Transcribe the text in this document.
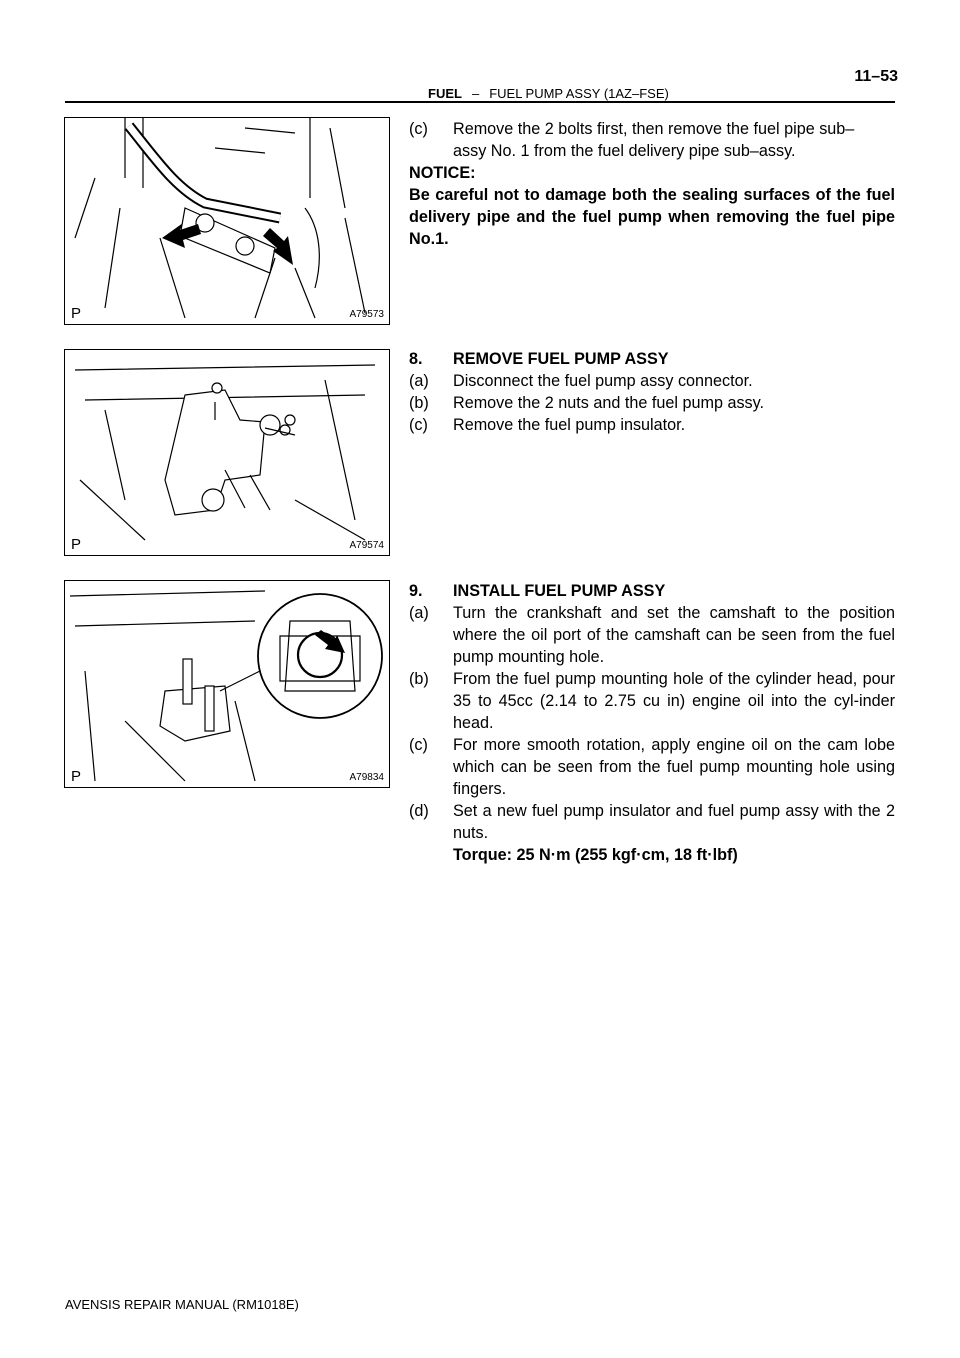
11–53
FUEL – FUEL PUMP ASSY (1AZ–FSE)
P	A79573
P	A79574
P	A79834
(c) Remove the 2 bolts first, then remove the fuel pipe sub–
assy No. 1 from the fuel delivery pipe sub–assy.
NOTICE:
Be careful not to damage both the sealing surfaces of the fuel delivery pipe and the fuel pump when removing the fuel pipe No.1.
8. REMOVE FUEL PUMP ASSY
(a) Disconnect the fuel pump assy connector.
(b) Remove the 2 nuts and the fuel pump assy.
(c) Remove the fuel pump insulator.
9. INSTALL FUEL PUMP ASSY
(a) Turn the crankshaft and set the camshaft to the position where the oil port of the camshaft can be seen from the fuel pump mounting hole.
(b) From the fuel pump mounting hole of the cylinder head, pour 35 to 45cc (2.14 to 2.75 cu in) engine oil into the cyl-inder head.
(c) For more smooth rotation, apply engine oil on the cam lobe which can be seen from the fuel pump mounting hole using fingers.
(d) Set a new fuel pump insulator and fuel pump assy with the 2 nuts.
Torque: 25 N·m (255 kgf·cm, 18 ft·lbf)
AVENSIS REPAIR MANUAL (RM1018E)
